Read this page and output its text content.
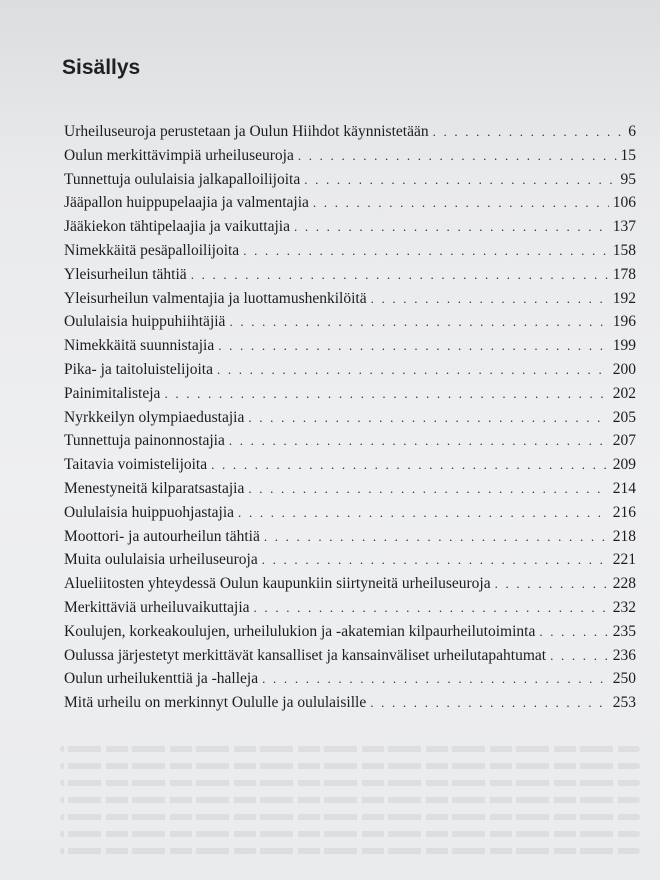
Sisällys
Urheiluseuroja perustetaan ja Oulun Hiihdot käynnistetään . . .	6
Oulun merkittävimpiä urheiluseuroja . . .	15
Tunnettuja oululaisia jalkapalloilijoita . . .	95
Jääpallon huippupelaajia ja valmentajia . . .	106
Jääkiekon tähtipelaajia ja vaikuttajia . . .	137
Nimekkäitä pesäpalloilijoita . . .	158
Yleisurheilun tähtiä . . .	178
Yleisurheilun valmentajia ja luottamushenkilöitä . . .	192
Oululaisia huippuhiihtäjiä . . .	196
Nimekkäitä suunnistajia . . .	199
Pika- ja taitoluistelijoita . . .	200
Painimitalisteja . . .	202
Nyrkkeilyn olympiaedustajia . . .	205
Tunnettuja painonnostajia . . .	207
Taitavia voimistelijoita . . .	209
Menestyneitä kilparatsastajia . . .	214
Oululaisia huippuohjastajia . . .	216
Moottori- ja autourheilun tähtiä . . .	218
Muita oululaisia urheiluseuroja . . .	221
Alueliitosten yhteydessä Oulun kaupunkiin siirtyneitä urheiluseuroja . . .	228
Merkittäviä urheiluvaikuttajia . . .	232
Koulujen, korkeakoulujen, urheilulukion ja -akatemian kilpaurheilutoiminta . . .	235
Oulussa järjestetyt merkittävät kansalliset ja kansainväliset urheilutapahtumat . . .	236
Oulun urheilukenttiä ja -halleja . . .	250
Mitä urheilu on merkinnyt Oululle ja oululaisille . . .	253
